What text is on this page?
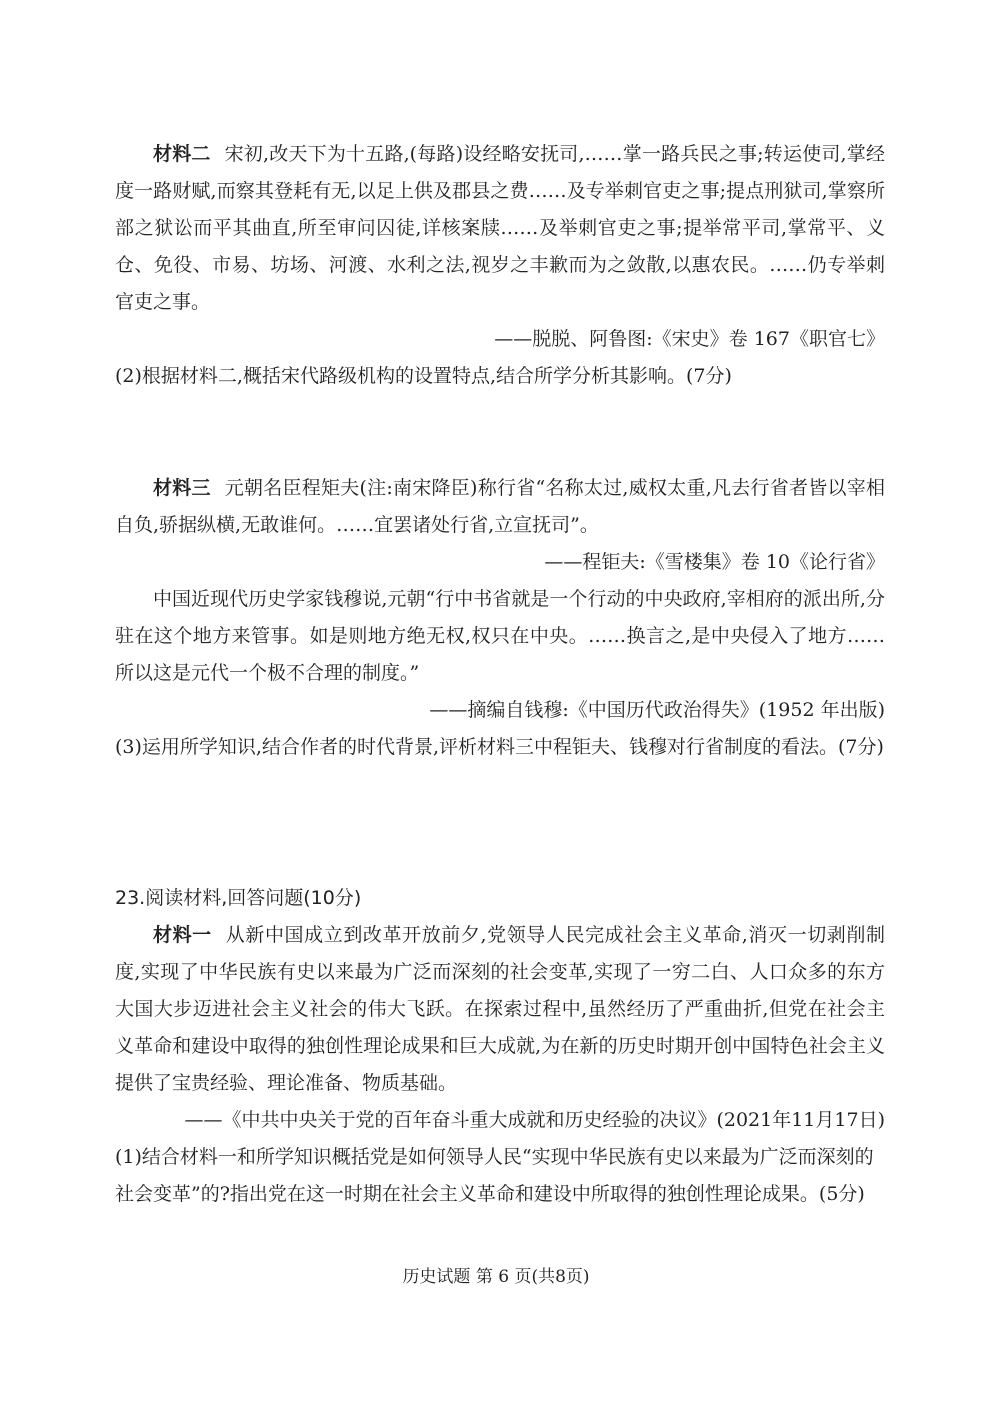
材料二 宋初,改天下为十五路,(每路)设经略安抚司,……掌一路兵民之事;转运使司,掌经度一路财赋,而察其登耗有无,以足上供及郡县之费……及专举刺官吏之事;提点刑狱司,掌察所部之狱讼而平其曲直,所至审问囚徒,详核案牍……及举刺官吏之事;提举常平司,掌常平、义仓、免役、市易、坊场、河渡、水利之法,视岁之丰歉而为之敛散,以惠农民。……仍专举刺官吏之事。

——脱脱、阿鲁图:《宋史》卷 167《职官七》

(2)根据材料二,概括宋代路级机构的设置特点,结合所学分析其影响。(7分)

材料三 元朝名臣程矩夫(注:南宋降臣)称行省“名称太过,威权太重,凡去行省者皆以宰相自负,骄据纵横,无敢谁何。……宜罢诸处行省,立宣抚司”。

——程钜夫:《雪楼集》卷 10《论行省》

中国近现代历史学家钱穆说,元朝“行中书省就是一个行动的中央政府,宰相府的派出所,分驻在这个地方来管事。如是则地方绝无权,权只在中央。……换言之,是中央侵入了地方……所以这是元代一个极不合理的制度。”

——摘编自钱穆:《中国历代政治得失》(1952 年出版)

(3)运用所学知识,结合作者的时代背景,评析材料三中程钜夫、钱穆对行省制度的看法。(7分)

23.阅读材料,回答问题(10分)

材料一 从新中国成立到改革开放前夕,党领导人民完成社会主义革命,消灭一切剥削制度,实现了中华民族有史以来最为广泛而深刻的社会变革,实现了一穷二白、人口众多的东方大国大步迈进社会主义社会的伟大飞跃。在探索过程中,虽然经历了严重曲折,但党在社会主义革命和建设中取得的独创性理论成果和巨大成就,为在新的历史时期开创中国特色社会主义提供了宝贵经验、理论准备、物质基础。

——《中共中央关于党的百年奋斗重大成就和历史经验的决议》(2021年11月17日)

(1)结合材料一和所学知识概括党是如何领导人民“实现中华民族有史以来最为广泛而深刻的社会变革”的?指出党在这一时期在社会主义革命和建设中所取得的独创性理论成果。(5分)

历史试题 第 6 页(共8页)
